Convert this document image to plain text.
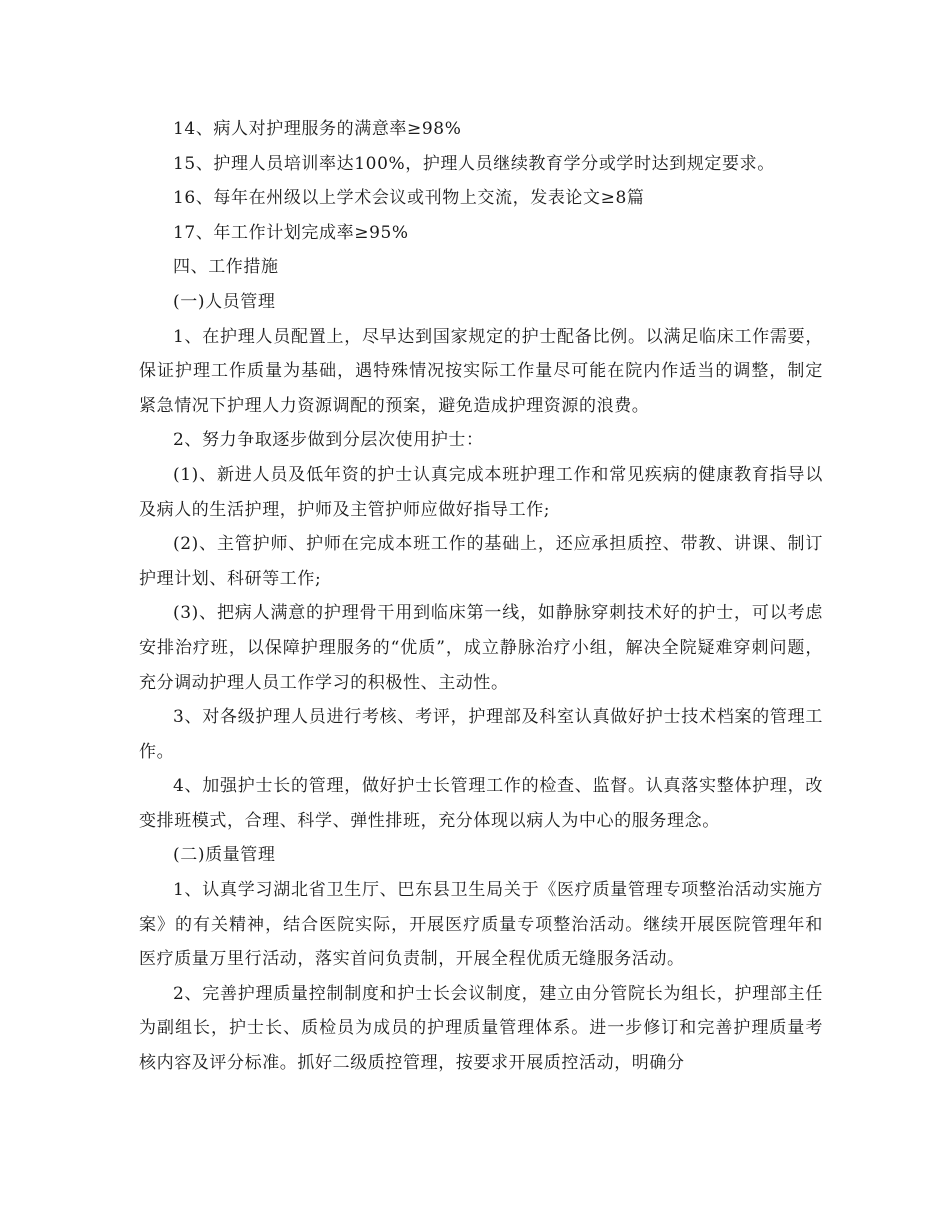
14、病人对护理服务的满意率≥98%

15、护理人员培训率达100%，护理人员继续教育学分或学时达到规定要求。

16、每年在州级以上学术会议或刊物上交流，发表论文≥8篇

17、年工作计划完成率≥95%

四、工作措施

(一)人员管理

1、在护理人员配置上，尽早达到国家规定的护士配备比例。以满足临床工作需要，保证护理工作质量为基础，遇特殊情况按实际工作量尽可能在院内作适当的调整，制定紧急情况下护理人力资源调配的预案，避免造成护理资源的浪费。

2、努力争取逐步做到分层次使用护士：

(1)、新进人员及低年资的护士认真完成本班护理工作和常见疾病的健康教育指导以及病人的生活护理，护师及主管护师应做好指导工作;

(2)、主管护师、护师在完成本班工作的基础上，还应承担质控、带教、讲课、制订护理计划、科研等工作;

(3)、把病人满意的护理骨干用到临床第一线，如静脉穿刺技术好的护士，可以考虑安排治疗班，以保障护理服务的“优质”，成立静脉治疗小组，解决全院疑难穿刺问题，充分调动护理人员工作学习的积极性、主动性。

3、对各级护理人员进行考核、考评，护理部及科室认真做好护士技术档案的管理工作。

4、加强护士长的管理，做好护士长管理工作的检查、监督。认真落实整体护理，改变排班模式，合理、科学、弹性排班，充分体现以病人为中心的服务理念。

(二)质量管理

1、认真学习湖北省卫生厅、巴东县卫生局关于《医疗质量管理专项整治活动实施方案》的有关精神，结合医院实际，开展医疗质量专项整治活动。继续开展医院管理年和医疗质量万里行活动，落实首问负责制，开展全程优质无缝服务活动。

2、完善护理质量控制制度和护士长会议制度，建立由分管院长为组长，护理部主任为副组长，护士长、质检员为成员的护理质量管理体系。进一步修订和完善护理质量考核内容及评分标准。抓好二级质控管理，按要求开展质控活动，明确分
